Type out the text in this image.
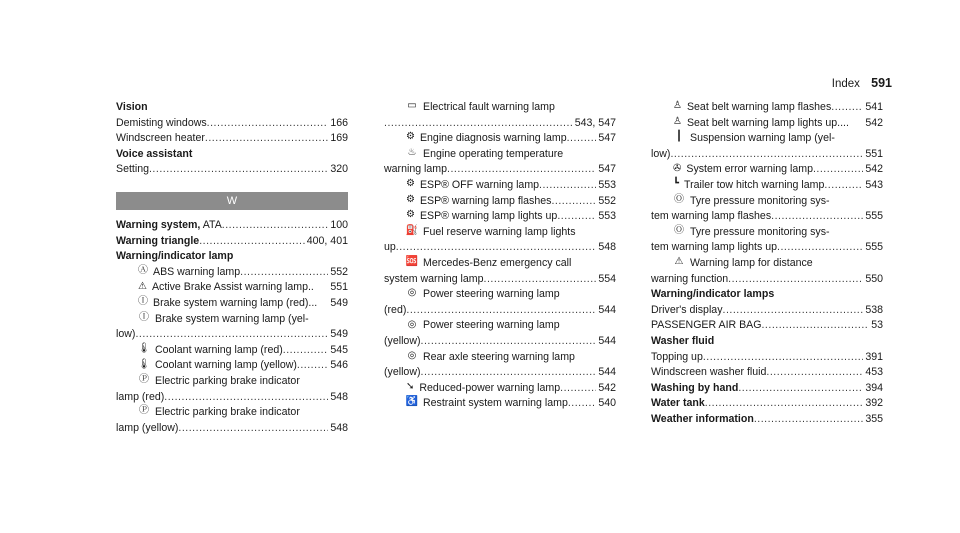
Index 591
Vision
Demisting windows .....	166
Windscreen heater .....	169
Voice assistant
Setting .....	320
W
Warning system, ATA .....	100
Warning triangle .....	400, 401
Warning/indicator lamp
Ⓐ ABS warning lamp .....	552
⚠ Active Brake Assist warning lamp.. 551
Ⓘ Brake system warning lamp (red)... 549
Ⓘ Brake system warning lamp (yel-
low) .....	549
🌡 Coolant warning lamp (red) .....	545
🌡 Coolant warning lamp (yellow) .....	546
Ⓟ Electric parking brake indicator
lamp (red) .....	548
Ⓟ Electric parking brake indicator
lamp (yellow) .....	548
▭ Electrical fault warning lamp
.....
543, 547
⚙ Engine diagnosis warning lamp .....	547
♨ Engine operating temperature
warning lamp .....	547
⚙ ESP® OFF warning lamp .....	553
⚙ ESP® warning lamp flashes .....	552
⚙ ESP® warning lamp lights up .....	553
⛽ Fuel reserve warning lamp lights
up .....	548
🆘 Mercedes-Benz emergency call
system warning lamp .....	554
◎ Power steering warning lamp
(red) .....	544
◎ Power steering warning lamp
(yellow) .....	544
◎ Rear axle steering warning lamp
(yellow) .....	544
➘ Reduced-power warning lamp .....	542
♿ Restraint system warning lamp .....	540
♙ Seat belt warning lamp flashes .....	541
♙ Seat belt warning lamp lights up.... 542
┃ Suspension warning lamp (yel-
low) .....	551
✇ System error warning lamp .....	542
┗ Trailer tow hitch warning lamp .....	543
Ⓞ Tyre pressure monitoring sys-
tem warning lamp flashes .....	555
Ⓞ Tyre pressure monitoring sys-
tem warning lamp lights up .....	555
⚠ Warning lamp for distance
warning function .....	550
Warning/indicator lamps
Driver's display .....	538
PASSENGER AIR BAG .....	53
Washer fluid
Topping up .....	391
Windscreen washer fluid .....	453
Washing by hand .....	394
Water tank .....	392
Weather information .....	355
